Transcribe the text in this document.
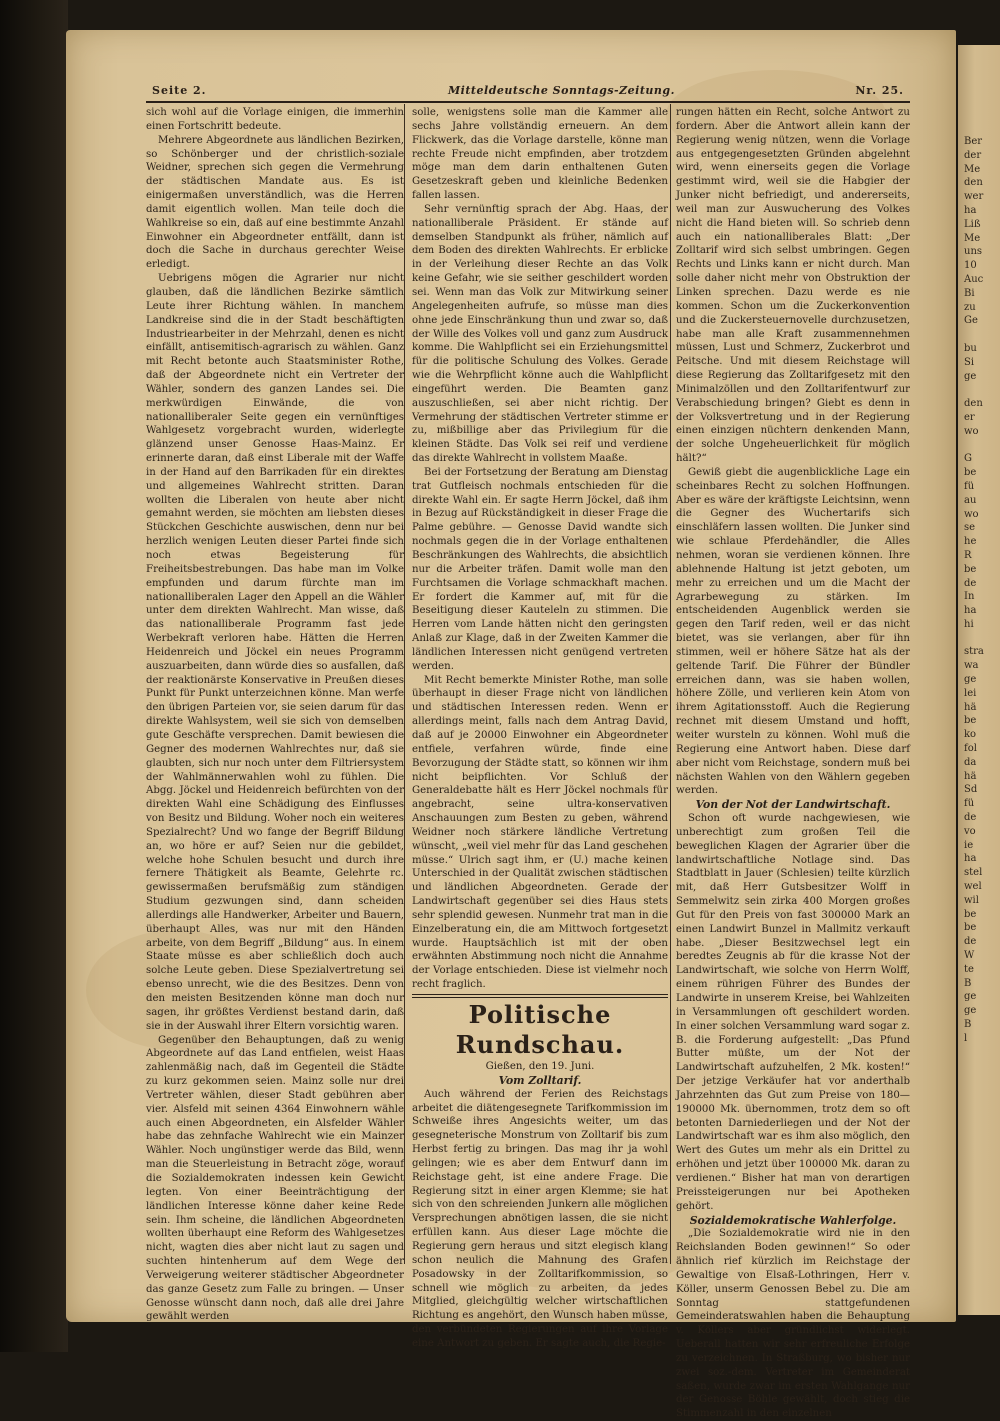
Ber
der
Me
den
wer
ha
Liß
Me
uns
10
Auc
Bi
zu
Ge

bu
Si
ge

den
er
wo

G
be
fü
au
wo
se
he
R
be
de
In
ha
hi

stra
wa
ge
lei
hä
be
ko
fol
da
hä
Sd
fü
de
vo
ie
ha
stel
wel
wil
be
be
de
W
te
B
ge
ge
B
l
Seite 2.	Mitteldeutsche Sonntags-Zeitung.	Nr. 25.

sich wohl auf die Vorlage einigen, die immerhin einen Fortschritt bedeute.

Mehrere Abgeordnete aus ländlichen Bezirken, so Schönberger und der christlich-soziale Weidner, sprechen sich gegen die Vermehrung der städtischen Mandate aus. Es ist einigermaßen unverständlich, was die Herren damit eigentlich wollen. Man teile doch die Wahlkreise so ein, daß auf eine bestimmte Anzahl Einwohner ein Abgeordneter entfällt, dann ist doch die Sache in durchaus gerechter Weise erledigt.

Uebrigens mögen die Agrarier nur nicht glauben, daß die ländlichen Bezirke sämtlich Leute ihrer Richtung wählen. In manchem Landkreise sind die in der Stadt beschäftigten Industriearbeiter in der Mehrzahl, denen es nicht einfällt, antisemitisch-agrarisch zu wählen. Ganz mit Recht betonte auch Staatsminister Rothe, daß der Abgeordnete nicht ein Vertreter der Wähler, sondern des ganzen Landes sei. Die merkwürdigen Einwände, die von nationalliberaler Seite gegen ein vernünftiges Wahlgesetz vorgebracht wurden, widerlegte glänzend unser Genosse Haas-Mainz. Er erinnerte daran, daß einst Liberale mit der Waffe in der Hand auf den Barrikaden für ein direktes und allgemeines Wahlrecht stritten. Daran wollten die Liberalen von heute aber nicht gemahnt werden, sie möchten am liebsten dieses Stückchen Geschichte auswischen, denn nur bei herzlich wenigen Leuten dieser Partei finde sich noch etwas Begeisterung für Freiheitsbestrebungen. Das habe man im Volke empfunden und darum fürchte man im nationalliberalen Lager den Appell an die Wähler unter dem direkten Wahlrecht. Man wisse, daß das nationalliberale Programm fast jede Werbekraft verloren habe. Hätten die Herren Heidenreich und Jöckel ein neues Programm auszuarbeiten, dann würde dies so ausfallen, daß der reaktionärste Konservative in Preußen dieses Punkt für Punkt unterzeichnen könne. Man werfe den übrigen Parteien vor, sie seien darum für das direkte Wahlsystem, weil sie sich von demselben gute Geschäfte versprechen. Damit bewiesen die Gegner des modernen Wahlrechtes nur, daß sie glaubten, sich nur noch unter dem Filtriersystem der Wahlmännerwahlen wohl zu fühlen. Die Abgg. Jöckel und Heidenreich befürchten von der direkten Wahl eine Schädigung des Einflusses von Besitz und Bildung. Woher noch ein weiteres Spezialrecht? Und wo fange der Begriff Bildung an, wo höre er auf? Seien nur die gebildet, welche hohe Schulen besucht und durch ihre fernere Thätigkeit als Beamte, Gelehrte rc. gewissermaßen berufsmäßig zum ständigen Studium gezwungen sind, dann scheiden allerdings alle Handwerker, Arbeiter und Bauern, überhaupt Alles, was nur mit den Händen arbeite, von dem Begriff „Bildung“ aus. In einem Staate müsse es aber schließlich doch auch solche Leute geben. Diese Spezialvertretung sei ebenso unrecht, wie die des Besitzes. Denn von den meisten Besitzenden könne man doch nur sagen, ihr größtes Verdienst bestand darin, daß sie in der Auswahl ihrer Eltern vorsichtig waren.

Gegenüber den Behauptungen, daß zu wenig Abgeordnete auf das Land entfielen, weist Haas zahlenmäßig nach, daß im Gegenteil die Städte zu kurz gekommen seien. Mainz solle nur drei Vertreter wählen, dieser Stadt gebühren aber vier. Alsfeld mit seinen 4364 Einwohnern wähle auch einen Abgeordneten, ein Alsfelder Wähler habe das zehnfache Wahlrecht wie ein Mainzer Wähler. Noch ungünstiger werde das Bild, wenn man die Steuerleistung in Betracht zöge, worauf die Sozialdemokraten indessen kein Gewicht legten. Von einer Beeinträchtigung der ländlichen Interesse könne daher keine Rede sein. Ihm scheine, die ländlichen Abgeordneten wollten überhaupt eine Reform des Wahlgesetzes nicht, wagten dies aber nicht laut zu sagen und suchten hintenherum auf dem Wege der Verweigerung weiterer städtischer Abgeordneter das ganze Gesetz zum Falle zu bringen. — Unser Genosse wünscht dann noch, daß alle drei Jahre gewählt werden

solle, wenigstens solle man die Kammer alle sechs Jahre vollständig erneuern. An dem Flickwerk, das die Vorlage darstelle, könne man rechte Freude nicht empfinden, aber trotzdem möge man dem darin enthaltenen Guten Gesetzeskraft geben und kleinliche Bedenken fallen lassen.

Sehr vernünftig sprach der Abg. Haas, der nationalliberale Präsident. Er stände auf demselben Standpunkt als früher, nämlich auf dem Boden des direkten Wahlrechts. Er erblicke in der Verleihung dieser Rechte an das Volk keine Gefahr, wie sie seither geschildert worden sei. Wenn man das Volk zur Mitwirkung seiner Angelegenheiten aufrufe, so müsse man dies ohne jede Einschränkung thun und zwar so, daß der Wille des Volkes voll und ganz zum Ausdruck komme. Die Wahlpflicht sei ein Erziehungsmittel für die politische Schulung des Volkes. Gerade wie die Wehrpflicht könne auch die Wahlpflicht eingeführt werden. Die Beamten ganz auszuschließen, sei aber nicht richtig. Der Vermehrung der städtischen Vertreter stimme er zu, mißbillige aber das Privilegium für die kleinen Städte. Das Volk sei reif und verdiene das direkte Wahlrecht in vollstem Maaße.

Bei der Fortsetzung der Beratung am Dienstag trat Gutfleisch nochmals entschieden für die direkte Wahl ein. Er sagte Herrn Jöckel, daß ihm in Bezug auf Rückständigkeit in dieser Frage die Palme gebühre. — Genosse David wandte sich nochmals gegen die in der Vorlage enthaltenen Beschränkungen des Wahlrechts, die absichtlich nur die Arbeiter träfen. Damit wolle man den Furchtsamen die Vorlage schmackhaft machen. Er fordert die Kammer auf, mit für die Beseitigung dieser Kauteleln zu stimmen. Die Herren vom Lande hätten nicht den geringsten Anlaß zur Klage, daß in der Zweiten Kammer die ländlichen Interessen nicht genügend vertreten werden.

Mit Recht bemerkte Minister Rothe, man solle überhaupt in dieser Frage nicht von ländlichen und städtischen Interessen reden. Wenn er allerdings meint, falls nach dem Antrag David, daß auf je 20000 Einwohner ein Abgeordneter entfiele, verfahren würde, finde eine Bevorzugung der Städte statt, so können wir ihm nicht beipflichten. Vor Schluß der Generaldebatte hält es Herr Jöckel nochmals für angebracht, seine ultra-konservativen Anschauungen zum Besten zu geben, während Weidner noch stärkere ländliche Vertretung wünscht, „weil viel mehr für das Land geschehen müsse.“ Ulrich sagt ihm, er (U.) mache keinen Unterschied in der Qualität zwischen städtischen und ländlichen Abgeordneten. Gerade der Landwirtschaft gegenüber sei dies Haus stets sehr splendid gewesen. Nunmehr trat man in die Einzelberatung ein, die am Mittwoch fortgesetzt wurde. Hauptsächlich ist mit der oben erwähnten Abstimmung noch nicht die Annahme der Vorlage entschieden. Diese ist vielmehr noch recht fraglich.

Politische Rundschau.

Gießen, den 19. Juni.

Vom Zolltarif.

Auch während der Ferien des Reichstags arbeitet die diätengesegnete Tarifkommission im Schweiße ihres Angesichts weiter, um das gesegneterische Monstrum von Zolltarif bis zum Herbst fertig zu bringen. Das mag ihr ja wohl gelingen; wie es aber dem Entwurf dann im Reichstage geht, ist eine andere Frage. Die Regierung sitzt in einer argen Klemme; sie hat sich von den schreienden Junkern alle möglichen Versprechungen abnötigen lassen, die sie nicht erfüllen kann. Aus dieser Lage möchte die Regierung gern heraus und sitzt elegisch klang schon neulich die Mahnung des Grafen Posadowsky in der Zolltarifkommission, so schnell wie möglich zu arbeiten, da jedes Mitglied, gleichgültig welcher wirtschaftlichen Richtung es angehört, den Wunsch haben müsse, den verbündeten Regierungen auf ihre Vorlage eine Antwort zu geben. Er sagte auch, die Regie-

rungen hätten ein Recht, solche Antwort zu fordern. Aber die Antwort allein kann der Regierung wenig nützen, wenn die Vorlage aus entgegengesetzten Gründen abgelehnt wird, wenn einerseits gegen die Vorlage gestimmt wird, weil sie die Habgier der Junker nicht befriedigt, und andererseits, weil man zur Auswucherung des Volkes nicht die Hand bieten will. So schrieb denn auch ein nationalliberales Blatt: „Der Zolltarif wird sich selbst umbringen. Gegen Rechts und Links kann er nicht durch. Man solle daher nicht mehr von Obstruktion der Linken sprechen. Dazu werde es nie kommen. Schon um die Zuckerkonvention und die Zuckersteuernovelle durchzusetzen, habe man alle Kraft zusammennehmen müssen, Lust und Schmerz, Zuckerbrot und Peitsche. Und mit diesem Reichstage will diese Regierung das Zolltarifgesetz mit den Minimalzöllen und den Zolltarifentwurf zur Verabschiedung bringen? Giebt es denn in der Volksvertretung und in der Regierung einen einzigen nüchtern denkenden Mann, der solche Ungeheuerlichkeit für möglich hält?“

Gewiß giebt die augenblickliche Lage ein scheinbares Recht zu solchen Hoffnungen. Aber es wäre der kräftigste Leichtsinn, wenn die Gegner des Wuchertarifs sich einschläfern lassen wollten. Die Junker sind wie schlaue Pferdehändler, die Alles nehmen, woran sie verdienen können. Ihre ablehnende Haltung ist jetzt geboten, um mehr zu erreichen und um die Macht der Agrarbewegung zu stärken. Im entscheidenden Augenblick werden sie gegen den Tarif reden, weil er das nicht bietet, was sie verlangen, aber für ihn stimmen, weil er höhere Sätze hat als der geltende Tarif. Die Führer der Bündler erreichen dann, was sie haben wollen, höhere Zölle, und verlieren kein Atom von ihrem Agitationsstoff. Auch die Regierung rechnet mit diesem Umstand und hofft, weiter wursteln zu können. Wohl muß die Regierung eine Antwort haben. Diese darf aber nicht vom Reichstage, sondern muß bei nächsten Wahlen von den Wählern gegeben werden.

Von der Not der Landwirtschaft.

Schon oft wurde nachgewiesen, wie unberechtigt zum großen Teil die beweglichen Klagen der Agrarier über die landwirtschaftliche Notlage sind. Das Stadtblatt in Jauer (Schlesien) teilte kürzlich mit, daß Herr Gutsbesitzer Wolff in Semmelwitz sein zirka 400 Morgen großes Gut für den Preis von fast 300000 Mark an einen Landwirt Bunzel in Mallmitz verkauft habe. „Dieser Besitzwechsel legt ein beredtes Zeugnis ab für die krasse Not der Landwirtschaft, wie solche von Herrn Wolff, einem rührigen Führer des Bundes der Landwirte in unserem Kreise, bei Wahlzeiten in Versammlungen oft geschildert worden. In einer solchen Versammlung ward sogar z. B. die Forderung aufgestellt: „Das Pfund Butter müßte, um der Not der Landwirtschaft aufzuhelfen, 2 Mk. kosten!“ Der jetzige Verkäufer hat vor anderthalb Jahrzehnten das Gut zum Preise von 180—190000 Mk. übernommen, trotz dem so oft betonten Darniederliegen und der Not der Landwirtschaft war es ihm also möglich, den Wert des Gutes um mehr als ein Drittel zu erhöhen und jetzt über 100000 Mk. daran zu verdienen.“ Bisher hat man von derartigen Preissteigerungen nur bei Apotheken gehört.

Sozialdemokratische Wahlerfolge.

„Die Sozialdemokratie wird nie in den Reichslanden Boden gewinnen!“ So oder ähnlich rief kürzlich im Reichstage der Gewaltige von Elsaß-Lothringen, Herr v. Köller, unserm Genossen Bebel zu. Die am Sonntag stattgefundenen Gemeinderatswahlen haben die Behauptung v. Köllers aber gründlichst widerlegt. Ueberall hatten wir sehr erfreuliche Erfolge zu verzeichnen. In Straßburg, wo bisher nur zwei soz.-dem. Vertreter im Gemeinderat saßen, wurde zwar im ersten Wahlgange nur der Genosse Böhle gewählt, doch stieg die Stimmenzahl in den einzelnen
